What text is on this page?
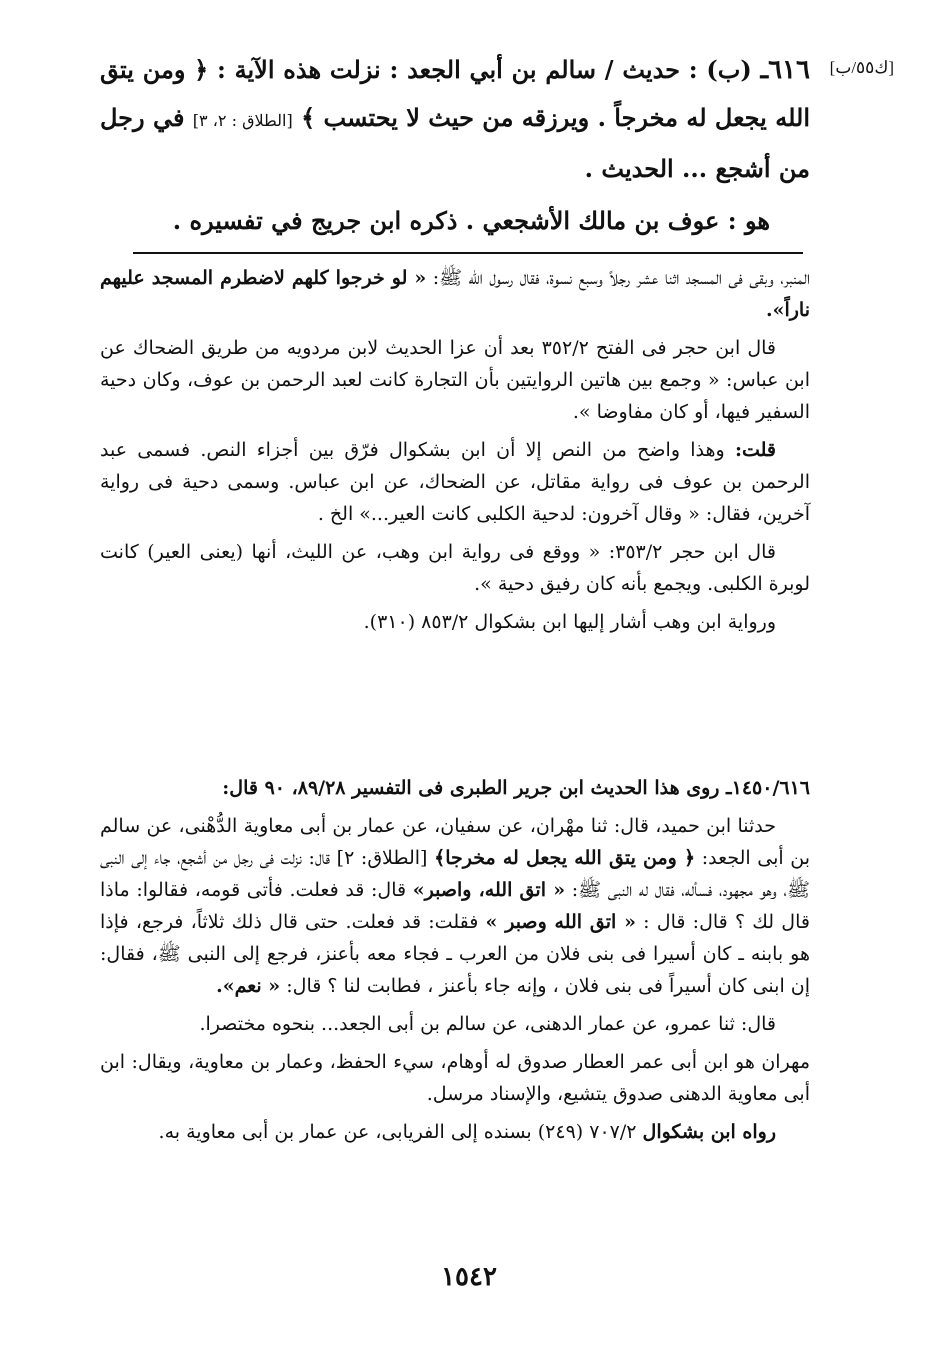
[ك٥٥/ب]

٦١٦ـ (ب) : حديث / سالم بن أبي الجعد : نزلت هذه الآية : ﴿ ومن يتق الله يجعل له مخرجاً . ويرزقه من حيث لا يحتسب ﴾ [الطلاق : ٢، ٣] في رجل من أشجع ... الحديث .

هو : عوف بن مالك الأشجعي . ذكره ابن جريج في تفسيره .

المنبر، وبقى فى المسجد اثنا عشر رجلاً وسبع نسوة، فقال رسول الله ﷺ: « لو خرجوا كلهم لاضطرم المسجد عليهم ناراً».

قال ابن حجر فى الفتح ٣٥٢/٢ بعد أن عزا الحديث لابن مردويه من طريق الضحاك عن ابن عباس: « وجمع بين هاتين الروايتين بأن التجارة كانت لعبد الرحمن بن عوف، وكان دحية السفير فيها، أو كان مفاوضا ».

قلت: وهذا واضح من النص إلا أن ابن بشكوال فرّق بين أجزاء النص. فسمى عبد الرحمن بن عوف فى رواية مقاتل، عن الضحاك، عن ابن عباس. وسمى دحية فى رواية آخرين، فقال: « وقال آخرون: لدحية الكلبى كانت العير...» الخ .

قال ابن حجر ٣٥٣/٢: « ووقع فى رواية ابن وهب، عن الليث، أنها (يعنى العير) كانت لوبرة الكلبى. ويجمع بأنه كان رفيق دحية ».

ورواية ابن وهب أشار إليها ابن بشكوال ٨٥٣/٢ (٣١٠).

١٤٥٠/٦١٦ـ روى هذا الحديث ابن جرير الطبرى فى التفسير ٨٩/٢٨، ٩٠ قال:

حدثنا ابن حميد، قال: ثنا مهْران، عن سفيان، عن عمار بن أبى معاوية الدُّهْنى، عن سالم بن أبى الجعد: ﴿ ومن يتق الله يجعل له مخرجا﴾ [الطلاق: ٢] قال: نزلت فى رجل من أشجع، جاء إلى النبى ﷺ، وهو مجهود، فسأله، فقال له النبى ﷺ: « اتق الله، واصبر» قال: قد فعلت. فأتى قومه، فقالوا: ماذا قال لك ؟ قال: قال : « اتق الله وصبر » فقلت: قد فعلت. حتى قال ذلك ثلاثاً، فرجع، فإذا هو بابنه ـ كان أسيرا فى بنى فلان من العرب ـ فجاء معه بأعنز، فرجع إلى النبى ﷺ، فقال: إن ابنى كان أسيراً فى بنى فلان ، وإنه جاء بأعنز ، فطابت لنا ؟ قال: « نعم».

قال: ثنا عمرو، عن عمار الدهنى، عن سالم بن أبى الجعد... بنحوه مختصرا.

مهران هو ابن أبى عمر العطار صدوق له أوهام، سيء الحفظ، وعمار بن معاوية، ويقال: ابن أبى معاوية الدهنى صدوق يتشيع، والإسناد مرسل.

رواه ابن بشكوال ٧٠٧/٢ (٢٤٩) بسنده إلى الفريابى، عن عمار بن أبى معاوية به.

١٥٤٢
